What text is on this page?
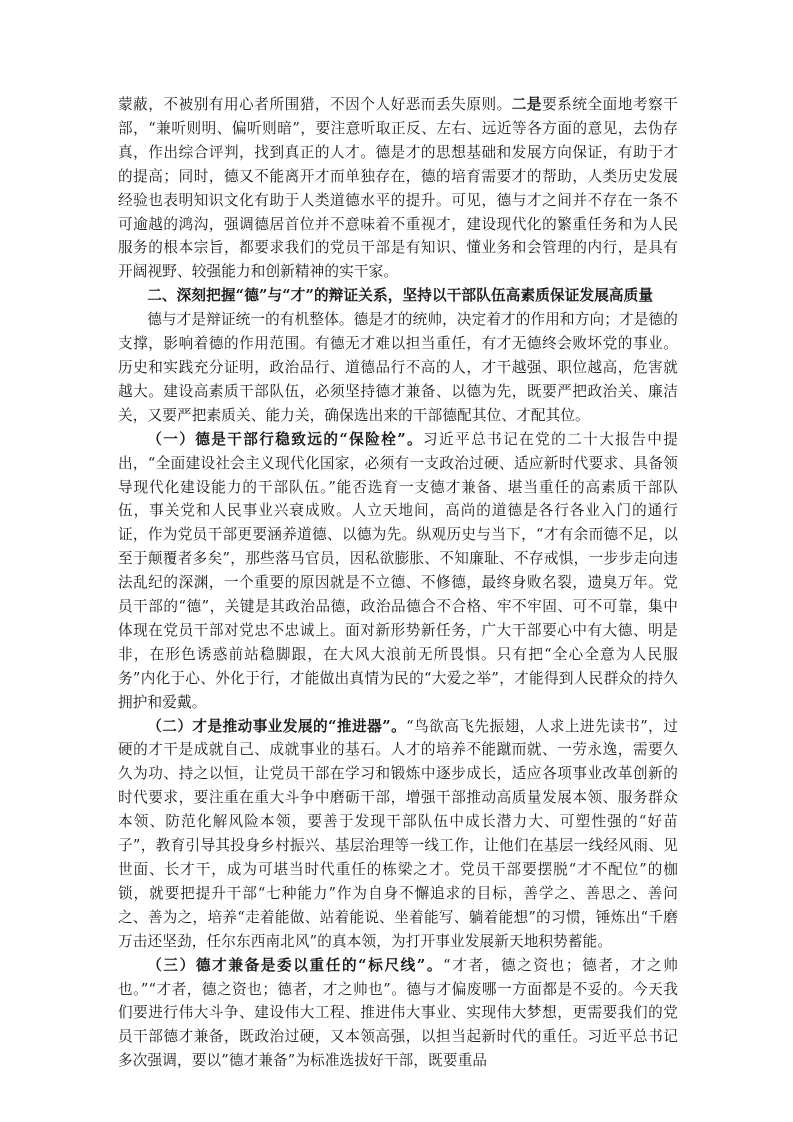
蒙蔽，不被别有用心者所围猎，不因个人好恶而丢失原则。二是要系统全面地考察干部，“兼听则明、偏听则暗”，要注意听取正反、左右、远近等各方面的意见，去伪存真，作出综合评判，找到真正的人才。德是才的思想基础和发展方向保证，有助于才的提高；同时，德又不能离开才而单独存在，德的培育需要才的帮助，人类历史发展经验也表明知识文化有助于人类道德水平的提升。可见，德与才之间并不存在一条不可逾越的鸿沟，强调德居首位并不意味着不重视才，建设现代化的繁重任务和为人民服务的根本宗旨，都要求我们的党员干部是有知识、懂业务和会管理的内行，是具有开阔视野、较强能力和创新精神的实干家。

二、深刻把握“德”与“才”的辩证关系，坚持以干部队伍高素质保证发展高质量

德与才是辩证统一的有机整体。德是才的统帅，决定着才的作用和方向；才是德的支撑，影响着德的作用范围。有德无才难以担当重任，有才无德终会败坏党的事业。历史和实践充分证明，政治品行、道德品行不高的人，才干越强、职位越高，危害就越大。建设高素质干部队伍，必须坚持德才兼备、以德为先，既要严把政治关、廉洁关，又要严把素质关、能力关，确保选出来的干部德配其位、才配其位。

（一）德是干部行稳致远的“保险栓”。习近平总书记在党的二十大报告中提出，“全面建设社会主义现代化国家，必须有一支政治过硬、适应新时代要求、具备领导现代化建设能力的干部队伍。”能否选育一支德才兼备、堪当重任的高素质干部队伍，事关党和人民事业兴衰成败。人立天地间，高尚的道德是各行各业入门的通行证，作为党员干部更要涵养道德、以德为先。纵观历史与当下，“才有余而德不足，以至于颠覆者多矣”，那些落马官员，因私欲膨胀、不知廉耻、不存戒惧，一步步走向违法乱纪的深渊，一个重要的原因就是不立德、不修德，最终身败名裂，遗臭万年。党员干部的“德”，关键是其政治品德，政治品德合不合格、牢不牢固、可不可靠，集中体现在党员干部对党忠不忠诚上。面对新形势新任务，广大干部要心中有大德、明是非，在形色诱惑前站稳脚跟，在大风大浪前无所畏惧。只有把“全心全意为人民服务”内化于心、外化于行，才能做出真情为民的“大爱之举”，才能得到人民群众的持久拥护和爱戴。

（二）才是推动事业发展的“推进器”。“鸟欲高飞先振翅，人求上进先读书”，过硬的才干是成就自己、成就事业的基石。人才的培养不能蹴而就、一劳永逸，需要久久为功、持之以恒，让党员干部在学习和锻炼中逐步成长，适应各项事业改革创新的时代要求，要注重在重大斗争中磨砺干部，增强干部推动高质量发展本领、服务群众本领、防范化解风险本领，要善于发现干部队伍中成长潜力大、可塑性强的“好苗子”，教育引导其投身乡村振兴、基层治理等一线工作，让他们在基层一线经风雨、见世面、长才干，成为可堪当时代重任的栋梁之才。党员干部要摆脱“才不配位”的枷锁，就要把提升干部“七种能力”作为自身不懈追求的目标，善学之、善思之、善问之、善为之，培养“走着能做、站着能说、坐着能写、躺着能想”的习惯，锤炼出“千磨万击还坚劲，任尔东西南北风”的真本领，为打开事业发展新天地积势蓄能。

（三）德才兼备是委以重任的“标尺线”。“才者，德之资也；德者，才之帅也。”“才者，德之资也；德者，才之帅也”。德与才偏废哪一方面都是不妥的。今天我们要进行伟大斗争、建设伟大工程、推进伟大事业、实现伟大梦想，更需要我们的党员干部德才兼备，既政治过硬，又本领高强，以担当起新时代的重任。习近平总书记多次强调，要以”德才兼备”为标准选拔好干部，既要重品
